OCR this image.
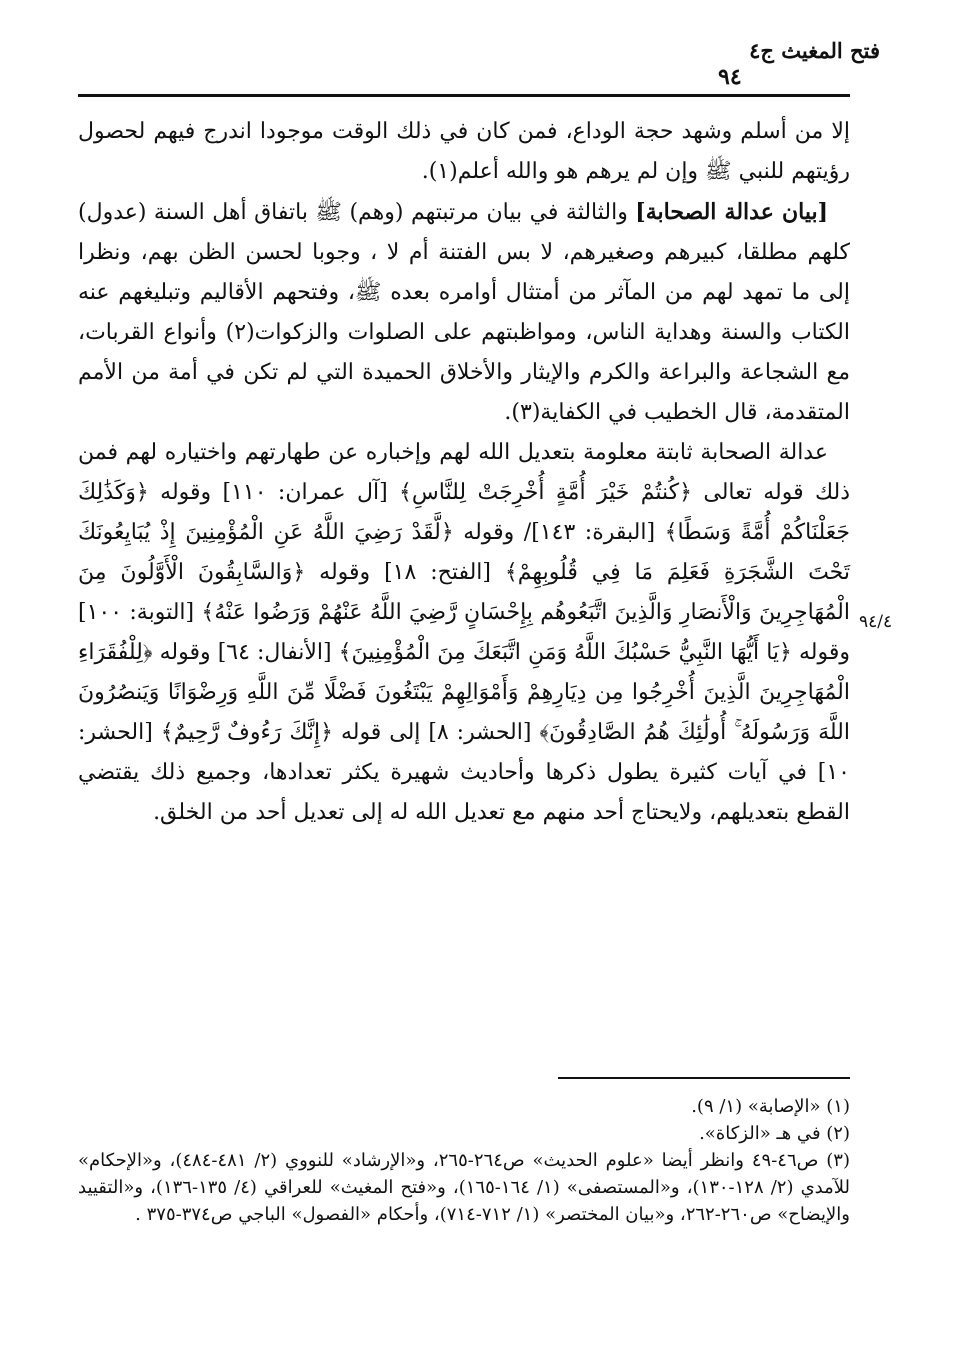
فتح المغيث ج٤
٩٤

إلا من أسلم وشهد حجة الوداع، فمن كان في ذلك الوقت موجودا اندرج فيهم لحصول رؤيتهم للنبي ﷺ وإن لم يرهم هو والله أعلم(١).

[بيان عدالة الصحابة] والثالثة في بيان مرتبتهم (وهم) ﷺ باتفاق أهل السنة (عدول) كلهم مطلقا، كبيرهم وصغيرهم، لا بس الفتنة أم لا ، وجوبا لحسن الظن بهم، ونظرا إلى ما تمهد لهم من المآثر من أمتثال أوامره بعده ﷺ، وفتحهم الأقاليم وتبليغهم عنه الكتاب والسنة وهداية الناس، ومواظبتهم على الصلوات والزكوات(٢) وأنواع القربات، مع الشجاعة والبراعة والكرم والإيثار والأخلاق الحميدة التي لم تكن في أمة من الأمم المتقدمة، قال الخطيب في الكفاية(٣).

عدالة الصحابة ثابتة معلومة بتعديل الله لهم وإخباره عن طهارتهم واختياره لهم فمن ذلك قوله تعالى ﴿كُنتُمْ خَيْرَ أُمَّةٍ أُخْرِجَتْ لِلنَّاسِ﴾ [آل عمران: ١١٠] وقوله ﴿وَكَذَٰلِكَ جَعَلْنَاكُمْ أُمَّةً وَسَطًا﴾ [البقرة: ١٤٣]/ وقوله ﴿لَّقَدْ رَضِيَ اللَّهُ عَنِ الْمُؤْمِنِينَ إِذْ يُبَايِعُونَكَ تَحْتَ الشَّجَرَةِ فَعَلِمَ مَا فِي قُلُوبِهِمْ﴾ [الفتح: ١٨] وقوله ﴿وَالسَّابِقُونَ الْأَوَّلُونَ مِنَ الْمُهَاجِرِينَ وَالْأَنصَارِ وَالَّذِينَ اتَّبَعُوهُم بِإِحْسَانٍ رَّضِيَ اللَّهُ عَنْهُمْ وَرَضُوا عَنْهُ﴾ [التوبة: ١٠٠] وقوله ﴿يَا أَيُّهَا النَّبِيُّ حَسْبُكَ اللَّهُ وَمَنِ اتَّبَعَكَ مِنَ الْمُؤْمِنِينَ﴾ [الأنفال: ٦٤] وقوله ﴿لِلْفُقَرَاءِ الْمُهَاجِرِينَ الَّذِينَ أُخْرِجُوا مِن دِيَارِهِمْ وَأَمْوَالِهِمْ يَبْتَغُونَ فَضْلًا مِّنَ اللَّهِ وَرِضْوَانًا وَيَنصُرُونَ اللَّهَ وَرَسُولَهُ ۚ أُولَٰئِكَ هُمُ الصَّادِقُونَ﴾ [الحشر: ٨] إلى قوله ﴿إِنَّكَ رَءُوفٌ رَّحِيمٌ﴾ [الحشر: ١٠] في آيات كثيرة يطول ذكرها وأحاديث شهيرة يكثر تعدادها، وجميع ذلك يقتضي القطع بتعديلهم، ولايحتاج أحد منهم مع تعديل الله له إلى تعديل أحد من الخلق.

٩٤/٤

(١) «الإصابة» (١/ ٩).

(٢) في هـ «الزكاة».

(٣) ص٤٦-٤٩ وانظر أيضا «علوم الحديث» ص٢٦٤-٢٦٥، و«الإرشاد» للنووي (٢/ ٤٨١-٤٨٤)، و«الإحكام» للآمدي (٢/ ١٢٨-١٣٠)، و«المستصفى» (١/ ١٦٤-١٦٥)، و«فتح المغيث» للعراقي (٤/ ١٣٥-١٣٦)، و«التقييد والإيضاح» ص٢٦٠-٢٦٢، و«بيان المختصر» (١/ ٧١٢-٧١٤)، وأحكام «الفصول» الباجي ص٣٧٤-٣٧٥ .
